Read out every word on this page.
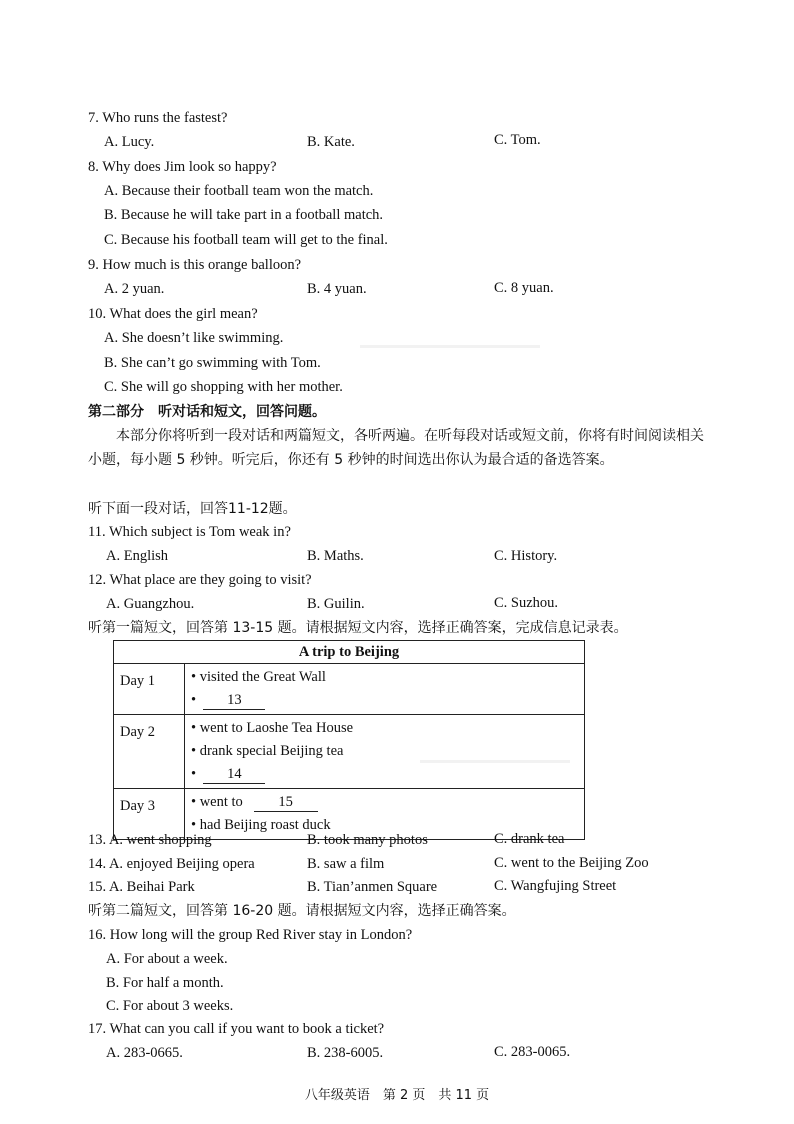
7. Who runs the fastest?
A. Lucy.	B. Kate.	C. Tom.
8. Why does Jim look so happy?
A. Because their football team won the match.
B. Because he will take part in a football match.
C. Because his football team will get to the final.
9. How much is this orange balloon?
A. 2 yuan.	B. 4 yuan.	C. 8 yuan.
10. What does the girl mean?
A. She doesn’t like swimming.
B. She can’t go swimming with Tom.
C. She will go shopping with her mother.
第二部分　听对话和短文，回答问题。
本部分你将听到一段对话和两篇短文，各听两遍。在听每段对话或短文前，你将有时间阅读相关小题，每小题 5 秒钟。听完后，你还有 5 秒钟的时间选出你认为最合适的备选答案。
听下面一段对话，回答11-12题。
11. Which subject is Tom weak in?
A. English	B. Maths.	C. History.
12. What place are they going to visit?
A. Guangzhou.	B. Guilin.	C. Suzhou.
听第一篇短文，回答第 13-15 题。请根据短文内容，选择正确答案，完成信息记录表。
A trip to Beijing	
Day 1	• visited the Great Wall
• 13

Day 2	• went to Laoshe Tea House
• drank special Beijing tea
• 14

Day 3	• went to 15
• had Beijing roast duck
13. A. went shopping	B. took many photos	C. drank tea
14. A. enjoyed Beijing opera	B. saw a film	C. went to the Beijing Zoo
15. A. Beihai Park	B. Tian’anmen Square	C. Wangfujing Street
听第二篇短文，回答第 16-20 题。请根据短文内容，选择正确答案。
16. How long will the group Red River stay in London?
A. For about a week.
B. For half a month.
C. For about 3 weeks.
17. What can you call if you want to book a ticket?
A. 283-0665.	B. 238-6005.	C. 283-0065.
八年级英语　第 2 页　共 11 页
